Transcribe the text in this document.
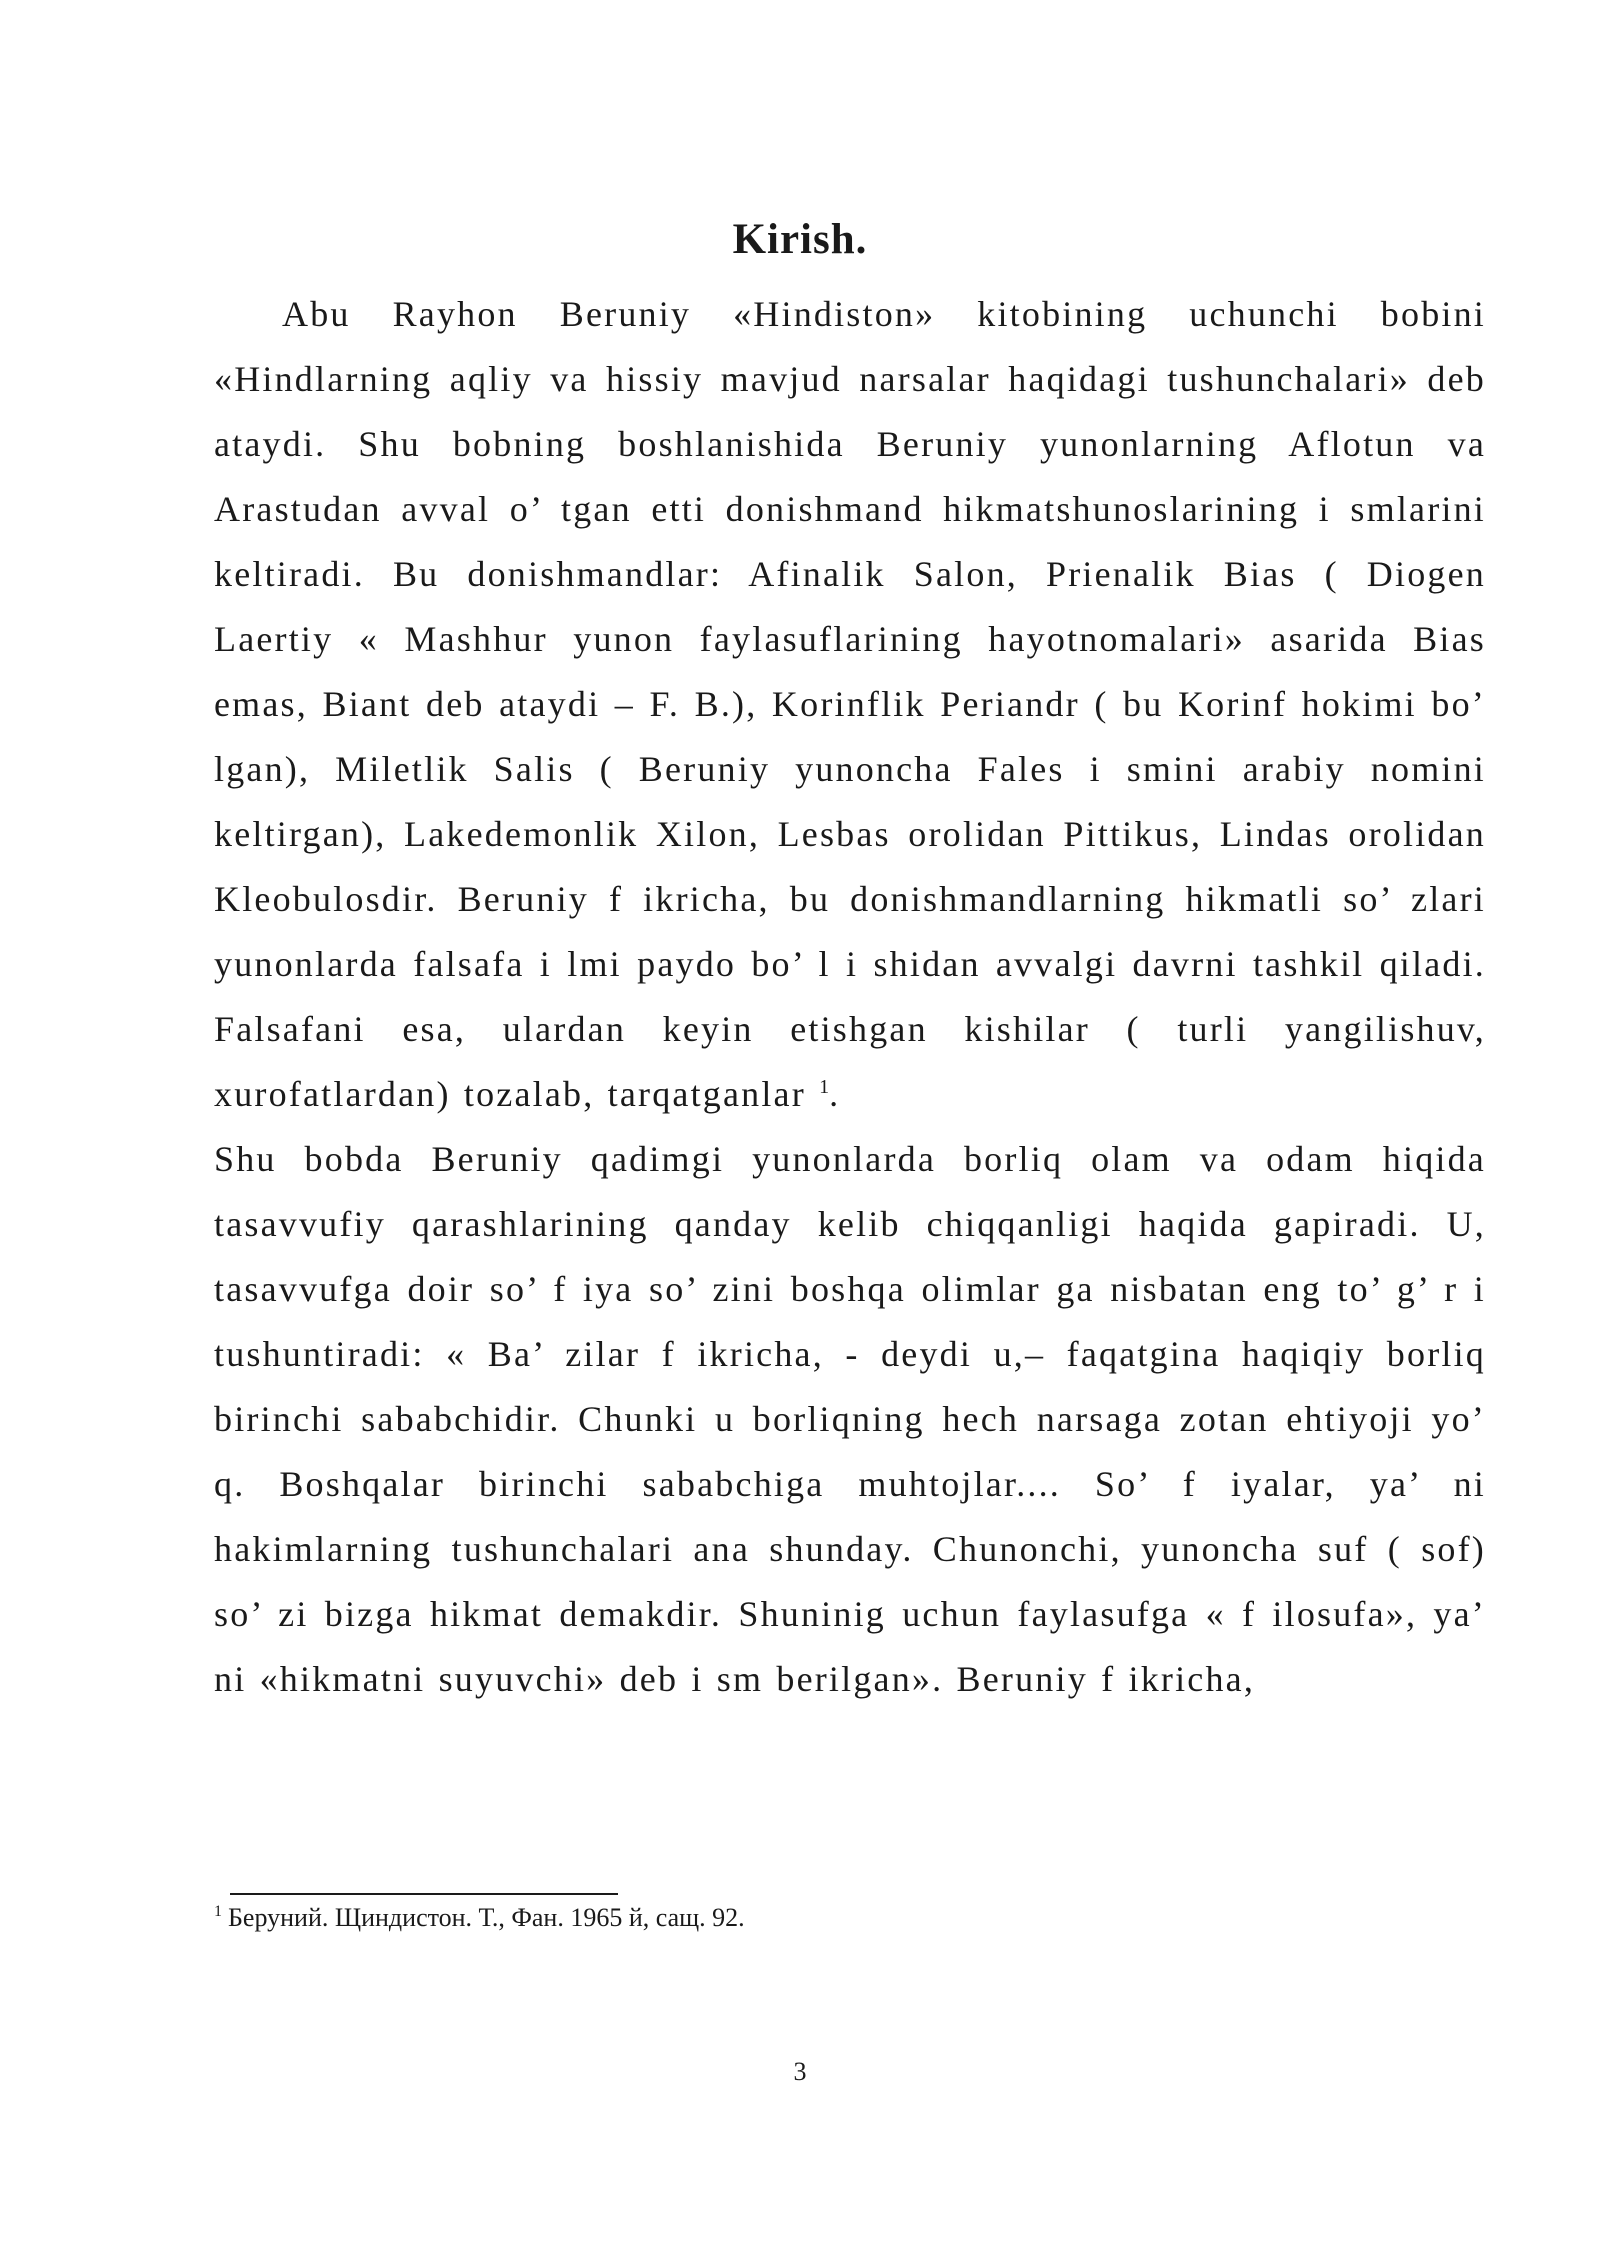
Kirish.

Abu Rayhon Beruniy «Hindiston» kitobining uchunchi bobini «Hindlarning aqliy va hissiy mavjud narsalar haqidagi tushunchalari» deb ataydi. Shu bobning boshlanishida Beruniy yunonlarning Aflotun va Arastudan avval o’ tgan etti donishmand hikmatshunoslarining i smlarini keltiradi. Bu donishmandlar: Afinalik Salon, Prienalik Bias ( Diogen Laertiy « Mashhur yunon faylasuflarining hayotnomalari» asarida Bias emas, Biant deb ataydi – F. B.), Korinflik Periandr ( bu Korinf hokimi bo’ lgan), Miletlik Salis ( Beruniy yunoncha Fales i smini arabiy nomini keltirgan), Lakedemonlik Xilon, Lesbas orolidan Pittikus, Lindas orolidan Kleobulosdir. Beruniy f ikricha, bu donishmandlarning hikmatli so’ zlari yunonlarda falsafa i lmi paydo bo’ l i shidan avvalgi davrni tashkil qiladi. Falsafani esa, ulardan keyin etishgan kishilar ( turli yangilishuv, xurofatlardan) tozalab, tarqatganlar $^1$.

Shu bobda Beruniy qadimgi yunonlarda borliq olam va odam hiqida tasavvufiy qarashlarining qanday kelib chiqqanligi haqida gapiradi. U, tasavvufga doir so’ f iya so’ zini boshqa olimlar ga nisbatan eng to’ g’ r i tushuntiradi: « Ba’ zilar f ikricha, - deydi u,– faqatgina haqiqiy borliq birinchi sababchidir. Chunki u borliqning hech narsaga zotan ehtiyoji yo’ q. Boshqalar birinchi sababchiga muhtojlar.... So’ f iyalar, ya’ ni hakimlarning tushunchalari ana shunday. Chunonchi, yunoncha suf ( sof) so’ zi bizga hikmat demakdir. Shuninig uchun faylasufga « f ilosufa», ya’ ni «hikmatni suyuvchi» deb i sm berilgan». Beruniy f ikricha,

$^1$ Беруний. Щиндистон. Т., Фан. 1965 й, сащ. 92.

3
